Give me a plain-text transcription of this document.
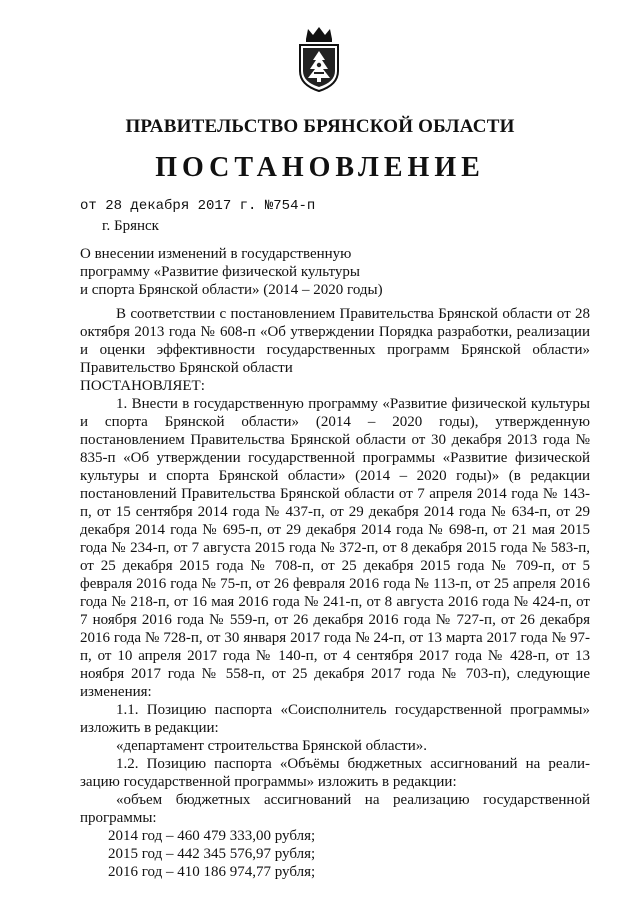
ПРАВИТЕЛЬСТВО БРЯНСКОЙ ОБЛАСТИ
ПОСТАНОВЛЕНИЕ
от 28 декабря 2017 г. №754-п
г. Брянск
О внесении изменений в государственную
программу «Развитие физической культуры
и спорта Брянской области» (2014 – 2020 годы)

В соответствии с постановлением Правительства Брянской области от 28 октября 2013 года № 608-п «Об утверждении Порядка разработки, реализации и оценки эффективности государственных программ Брянской области» Правительство Брянской области

ПОСТАНОВЛЯЕТ:

1. Внести в государственную программу «Развитие физической культуры и спорта Брянской области» (2014 – 2020 годы), утвержденную постановлением Правительства Брянской области от 30 декабря 2013 года № 835-п «Об утверждении государственной программы «Развитие физической культуры и спорта Брянской области» (2014 – 2020 годы)» (в редакции постановлений Правительства Брянской области от 7 апреля 2014 года № 143-п, от 15 сентября 2014 года № 437-п, от 29 декабря 2014 года № 634-п, от 29 декабря 2014 года № 695-п, от 29 декабря 2014 года № 698-п, от 21 мая 2015 года № 234-п, от 7 августа 2015 года № 372-п, от 8 декабря 2015 года № 583-п, от 25 декабря 2015 года № 708-п, от 25 декабря 2015 года № 709-п, от 5 февраля 2016 года № 75-п, от 26 февраля 2016 года № 113-п, от 25 апреля 2016 года № 218-п, от 16 мая 2016 года № 241-п, от 8 августа 2016 года № 424-п, от 7 ноября 2016 года № 559-п, от 26 декабря 2016 года № 727-п, от 26 декабря 2016 года № 728-п, от 30 января 2017 года № 24-п, от 13 марта 2017 года № 97-п, от 10 апреля 2017 года № 140-п, от 4 сентября 2017 года № 428-п, от 13 ноября 2017 года № 558-п, от 25 декабря 2017 года № 703-п), следующие изменения:

1.1. Позицию паспорта «Соисполнитель государственной программы» изложить в редакции:

«департамент строительства Брянской области».

1.2. Позицию паспорта «Объёмы бюджетных ассигнований на реализацию государственной программы» изложить в редакции:

«объем бюджетных ассигнований на реализацию государственной программы:

2014 год – 460 479 333,00 рубля;

2015 год – 442 345 576,97 рубля;

2016 год – 410 186 974,77 рубля;
